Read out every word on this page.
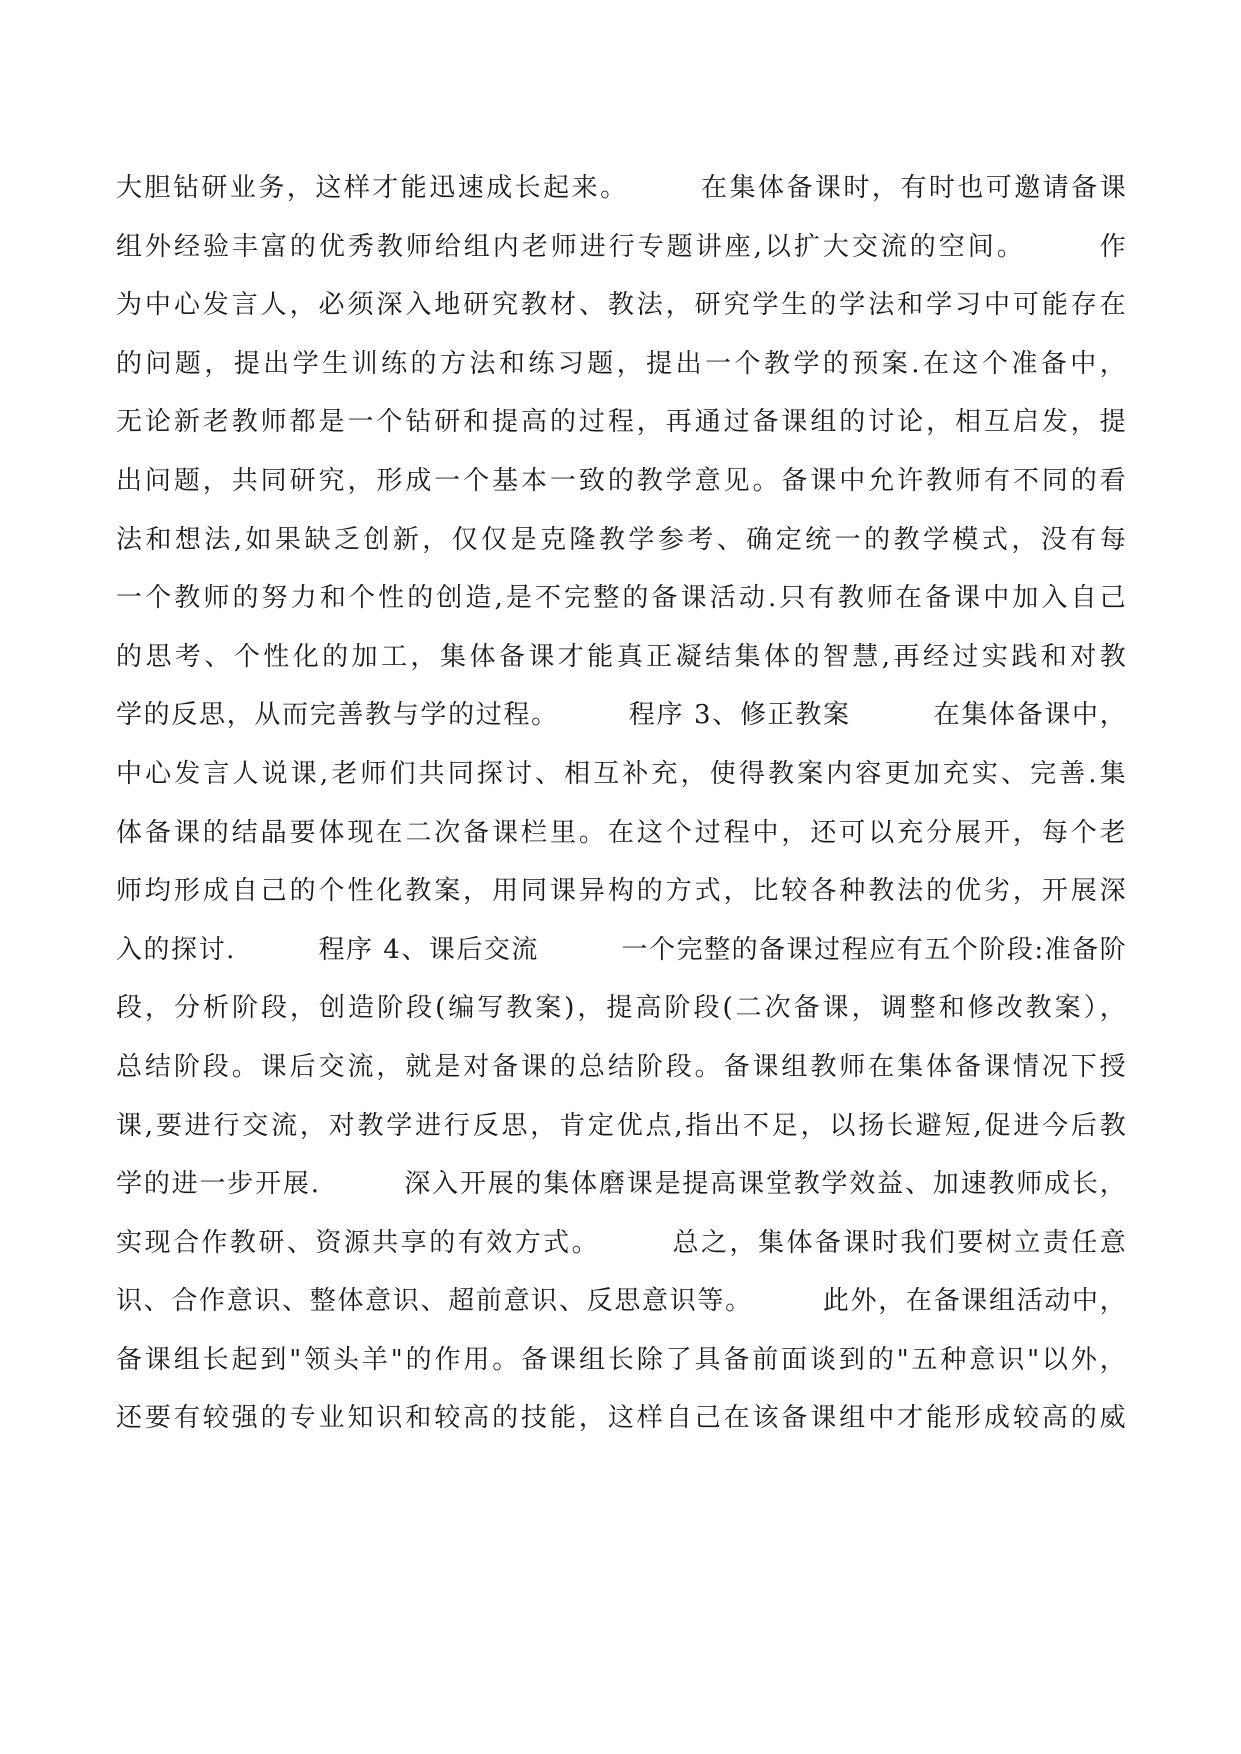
大胆钻研业务，这样才能迅速成长起来。　　　在集体备课时，有时也可邀请备课
组外经验丰富的优秀教师给组内老师进行专题讲座,以扩大交流的空间。　　　作
为中心发言人，必须深入地研究教材、教法，研究学生的学法和学习中可能存在
的问题，提出学生训练的方法和练习题，提出一个教学的预案.在这个准备中，
无论新老教师都是一个钻研和提高的过程，再通过备课组的讨论，相互启发，提
出问题，共同研究，形成一个基本一致的教学意见。备课中允许教师有不同的看
法和想法,如果缺乏创新，仅仅是克隆教学参考、确定统一的教学模式，没有每
一个教师的努力和个性的创造,是不完整的备课活动.只有教师在备课中加入自己
的思考、个性化的加工，集体备课才能真正凝结集体的智慧,再经过实践和对教
学的反思，从而完善教与学的过程。　　　程序 3、修正教案　　　在集体备课中，
中心发言人说课,老师们共同探讨、相互补充，使得教案内容更加充实、完善.集
体备课的结晶要体现在二次备课栏里。在这个过程中，还可以充分展开，每个老
师均形成自己的个性化教案，用同课异构的方式，比较各种教法的优劣，开展深
入的探讨.　　　程序 4、课后交流　　　一个完整的备课过程应有五个阶段:准备阶
段，分析阶段，创造阶段(编写教案)，提高阶段(二次备课，调整和修改教案），
总结阶段。课后交流，就是对备课的总结阶段。备课组教师在集体备课情况下授
课,要进行交流，对教学进行反思，肯定优点,指出不足，以扬长避短,促进今后教
学的进一步开展.　　　深入开展的集体磨课是提高课堂教学效益、加速教师成长，
实现合作教研、资源共享的有效方式。　　　总之，集体备课时我们要树立责任意
识、合作意识、整体意识、超前意识、反思意识等。　　　此外，在备课组活动中，
备课组长起到"领头羊"的作用。备课组长除了具备前面谈到的"五种意识"以外，
还要有较强的专业知识和较高的技能，这样自己在该备课组中才能形成较高的威
